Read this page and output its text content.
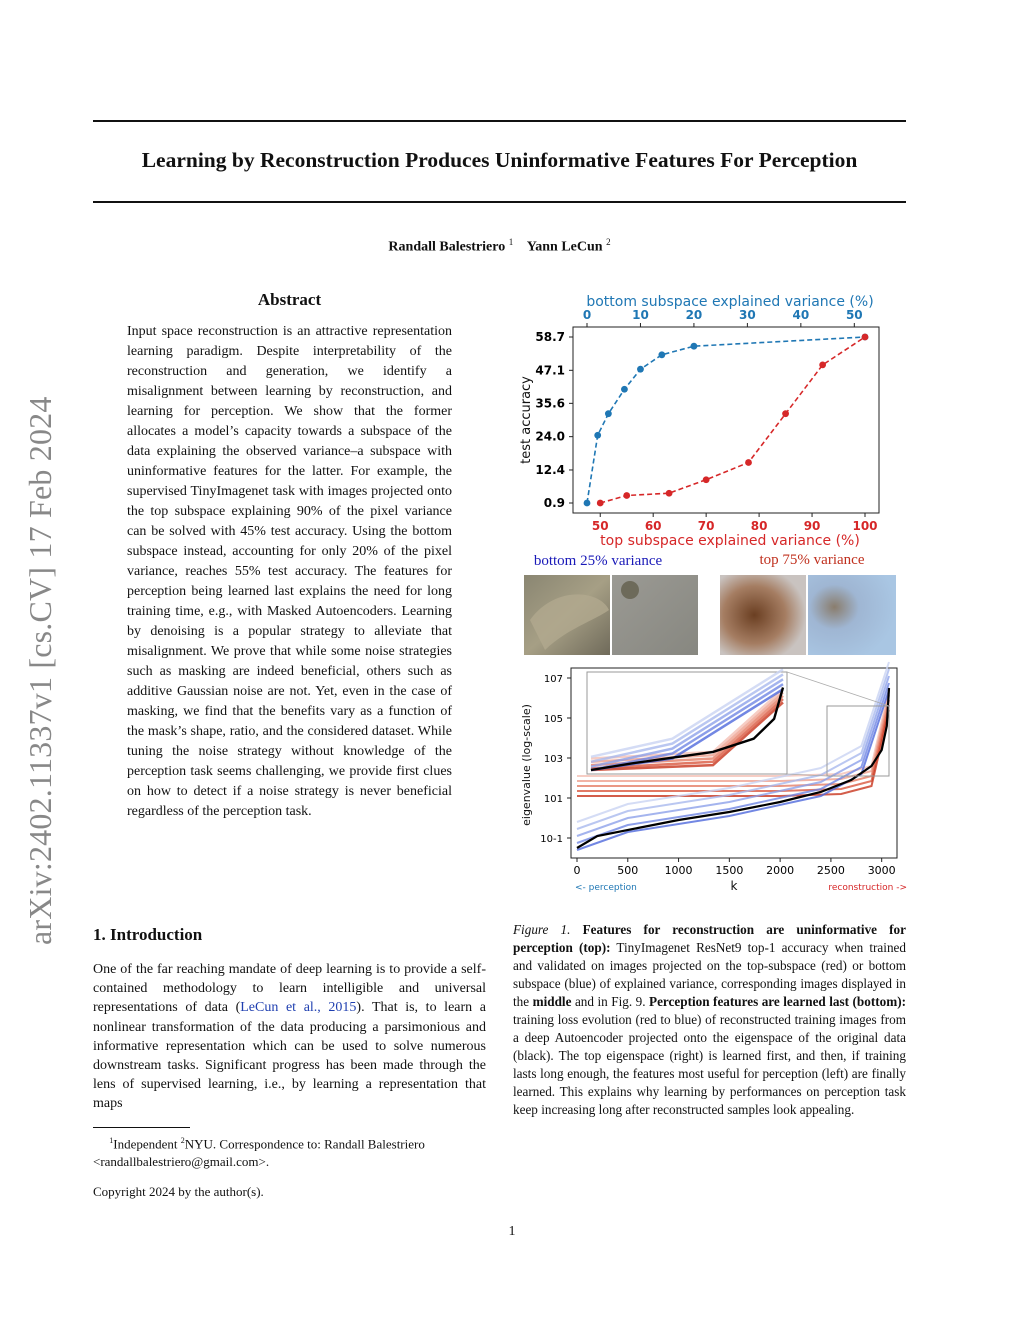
Learning by Reconstruction Produces Uninformative Features For Perception
Randall Balestriero $^1$ Yann LeCun $^2$
arXiv:2402.11337v1 [cs.CV] 17 Feb 2024
Abstract
Input space reconstruction is an attractive representation learning paradigm. Despite interpretability of the reconstruction and generation, we identify a misalignment between learning by reconstruction, and learning for perception. We show that the former allocates a model’s capacity towards a subspace of the data explaining the observed variance–a subspace with uninformative features for the latter. For example, the supervised TinyImagenet task with images projected onto the top subspace explaining 90% of the pixel variance can be solved with 45% test accuracy. Using the bottom subspace instead, accounting for only 20% of the pixel variance, reaches 55% test accuracy. The features for perception being learned last explains the need for long training time, e.g., with Masked Autoencoders. Learning by denoising is a popular strategy to alleviate that misalignment. We prove that while some noise strategies such as masking are indeed beneficial, others such as additive Gaussian noise are not. Yet, even in the case of masking, we find that the benefits vary as a function of the mask’s shape, ratio, and the considered dataset. While tuning the noise strategy without knowledge of the perception task seems challenging, we provide first clues on how to detect if a noise strategy is never beneficial regardless of the perception task.
1. Introduction
One of the far reaching mandate of deep learning is to provide a self-contained methodology to learn intelligible and universal representations of data (LeCun et al., 2015). That is, to learn a nonlinear transformation of the data producing a parsimonious and informative representation which can be used to solve numerous downstream tasks. Significant progress has been made through the lens of supervised learning, i.e., by learning a representation that maps
$^1$Independent $^2$NYU. Correspondence to: Randall Balestriero <randallbalestriero@gmail.com>.
Copyright 2024 by the author(s).
1
bottom subspace explained variance (%)
top subspace explained variance (%)
test accuracy
0.9
12.4
24.0
35.6
47.1
58.7
0	10	20	30	40	50
50	60	70	80	90	100
bottom 25% variance	top 75% variance
eigenvalue (log-scale)
k
<- perception	reconstruction ->
0	500 1000 1500 2000 2500 3000
10-1
101
103
105
107
Figure 1. Features for reconstruction are uninformative for perception (top): TinyImagenet ResNet9 top-1 accuracy when trained and validated on images projected on the top-subspace (red) or bottom subspace (blue) of explained variance, corresponding images displayed in the middle and in Fig. 9. Perception features are learned last (bottom): training loss evolution (red to blue) of reconstructed training images from a deep Autoencoder projected onto the eigenspace of the original data (black). The top eigenspace (right) is learned first, and then, if training lasts long enough, the features most useful for perception (left) are finally learned. This explains why learning by performances on perception task keep increasing long after reconstructed samples look appealing.
